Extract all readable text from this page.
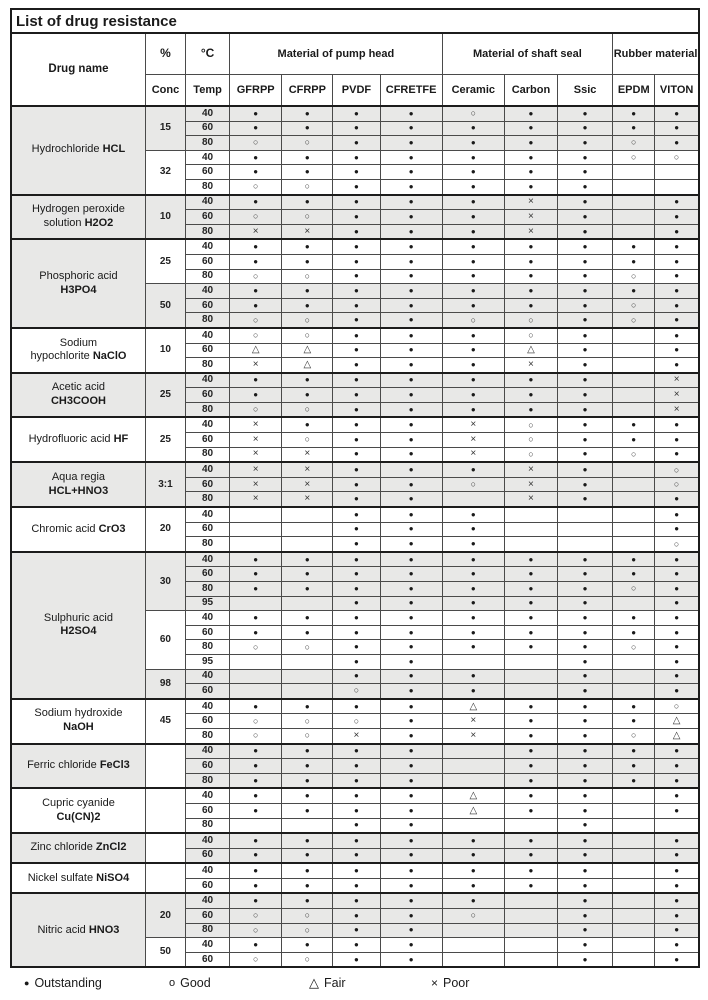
List of drug resistance											
Drug name	%	°C	Material of pump head				Material of shaft seal			Rubber material	
	Conc	Temp	GFRPP	CFRPP	PVDF	CFRETFE	Ceramic	Carbon	Ssic	EPDM	VITON

Hydrochloride HCL	15	40	●	●	●	●	○	●	●	●	●
		60	●	●	●	●	●	●	●	●	●
		80	○	○	●	●	●	●	●	○	●
	32	40	●	●	●	●	●	●	●	○	○
		60	●	●	●	●	●	●	●		
		80	○	○	●	●	●	●	●		

Hydrogen peroxide
solution H2O2	10	40	●	●	●	●	●	×	●		●
		60	○	○	●	●	●	×	●		●
		80	×	×	●	●	●	×	●		●

Phosphoric acid
H3PO4	25	40	●	●	●	●	●	●	●	●	●
		60	●	●	●	●	●	●	●	●	●
		80	○	○	●	●	●	●	●	○	●
	50	40	●	●	●	●	●	●	●	●	●
		60	●	●	●	●	●	●	●	○	●
		80	○	○	●	●	○	○	●	○	●

Sodium
hypochlorite NaClO	10	40	○	○	●	●	●	○	●		●
		60	△	△	●	●	●	△	●		●
		80	×	△	●	●	●	×	●		●

Acetic acid
CH3COOH	25	40	●	●	●	●	●	●	●		×
		60	●	●	●	●	●	●	●		×
		80	○	○	●	●	●	●	●		×

Hydrofluoric acid HF	25	40	×	●	●	●	×	○	●	●	●
		60	×	○	●	●	×	○	●	●	●
		80	×	×	●	●	×	○	●	○	●

Aqua regia
HCL+HNO3	3:1	40	×	×	●	●	●	×	●		○
		60	×	×	●	●	○	×	●		○
		80	×	×	●	●		×	●		●

Chromic acid CrO3	20	40			●	●	●				●
		60			●	●	●				●
		80			●	●	●				○

Sulphuric acid
H2SO4	30	40	●	●	●	●	●	●	●	●	●
		60	●	●	●	●	●	●	●	●	●
		80	●	●	●	●	●	●	●	○	●
		95			●	●	●	●	●		●
	60	40	●	●	●	●	●	●	●	●	●
		60	●	●	●	●	●	●	●	●	●
		80	○	○	●	●	●	●	●	○	●
		95			●	●			●		●
	98	40			●	●	●		●		●
		60			○	●	●		●		●

Sodium hydroxide
NaOH	45	40	●	●	●	●	△	●	●	●	○
		60	○	○	○	●	×	●	●	●	△
		80	○	○	×	●	×	●	●	○	△

Ferric chloride FeCl3		40	●	●	●	●		●	●	●	●
		60	●	●	●	●		●	●	●	●
		80	●	●	●	●		●	●	●	●

Cupric cyanide
Cu(CN)2		40	●	●	●	●	△	●	●		●
		60	●	●	●	●	△	●	●		●
		80			●	●			●		

Zinc chloride ZnCl2		40	●	●	●	●	●	●	●		●
		60	●	●	●	●	●	●	●		●

Nickel sulfate NiSO4		40	●	●	●	●	●	●	●		●
		60	●	●	●	●	●	●	●		●

Nitric acid HNO3	20	40	●	●	●	●	●		●		●
		60	○	○	●	●	○		●		●
		80	○	○	●	●			●		●
	50	40	●	●	●	●			●		●
		60	○	○	●	●			●		●
● Outstanding	o Good	△ Fair	× Poor
